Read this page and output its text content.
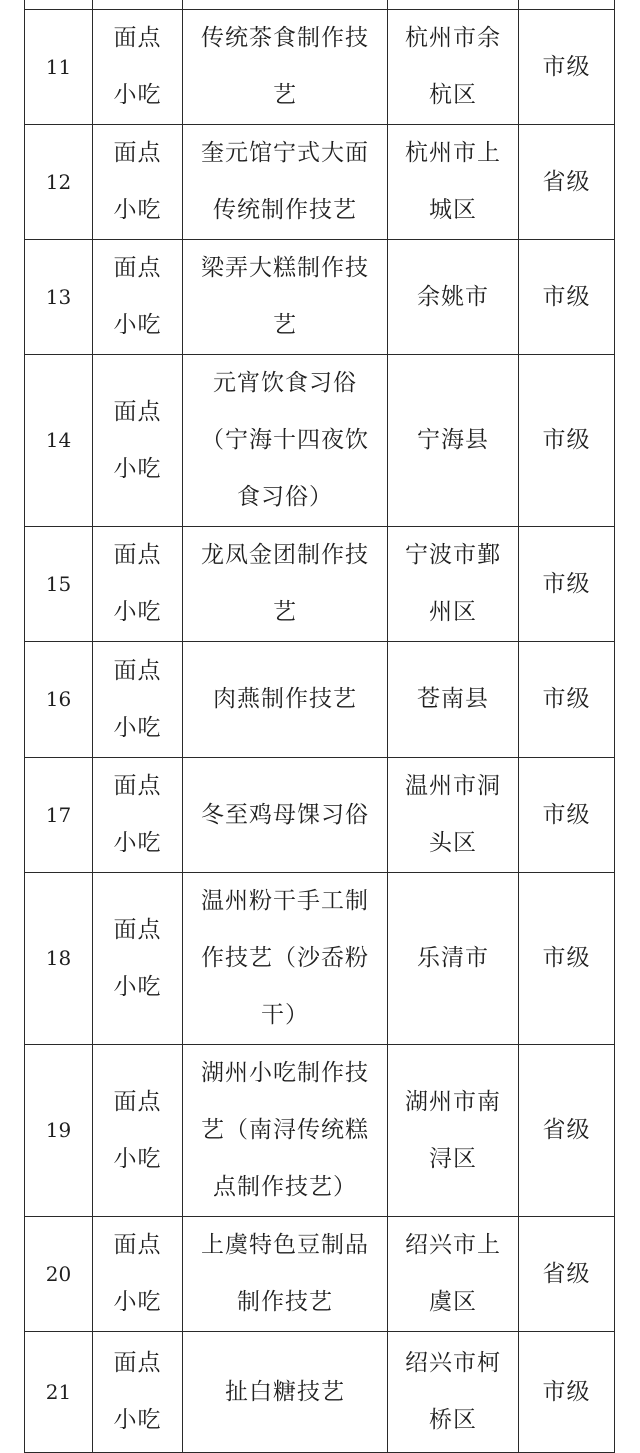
11	面点小吃	传统茶食制作技艺	杭州市余杭区	市级
12	面点小吃	奎元馆宁式大面传统制作技艺	杭州市上城区	省级
13	面点小吃	梁弄大糕制作技艺	余姚市	市级
14	面点小吃	元宵饮食习俗（宁海十四夜饮食习俗）	宁海县	市级
15	面点小吃	龙凤金团制作技艺	宁波市鄞州区	市级
16	面点小吃	肉燕制作技艺	苍南县	市级
17	面点小吃	冬至鸡母馃习俗	温州市洞头区	市级
18	面点小吃	温州粉干手工制作技艺（沙岙粉干）	乐清市	市级
19	面点小吃	湖州小吃制作技艺（南浔传统糕点制作技艺）	湖州市南浔区	省级
20	面点小吃	上虞特色豆制品制作技艺	绍兴市上虞区	省级
21	面点小吃	扯白糖技艺	绍兴市柯桥区	市级
